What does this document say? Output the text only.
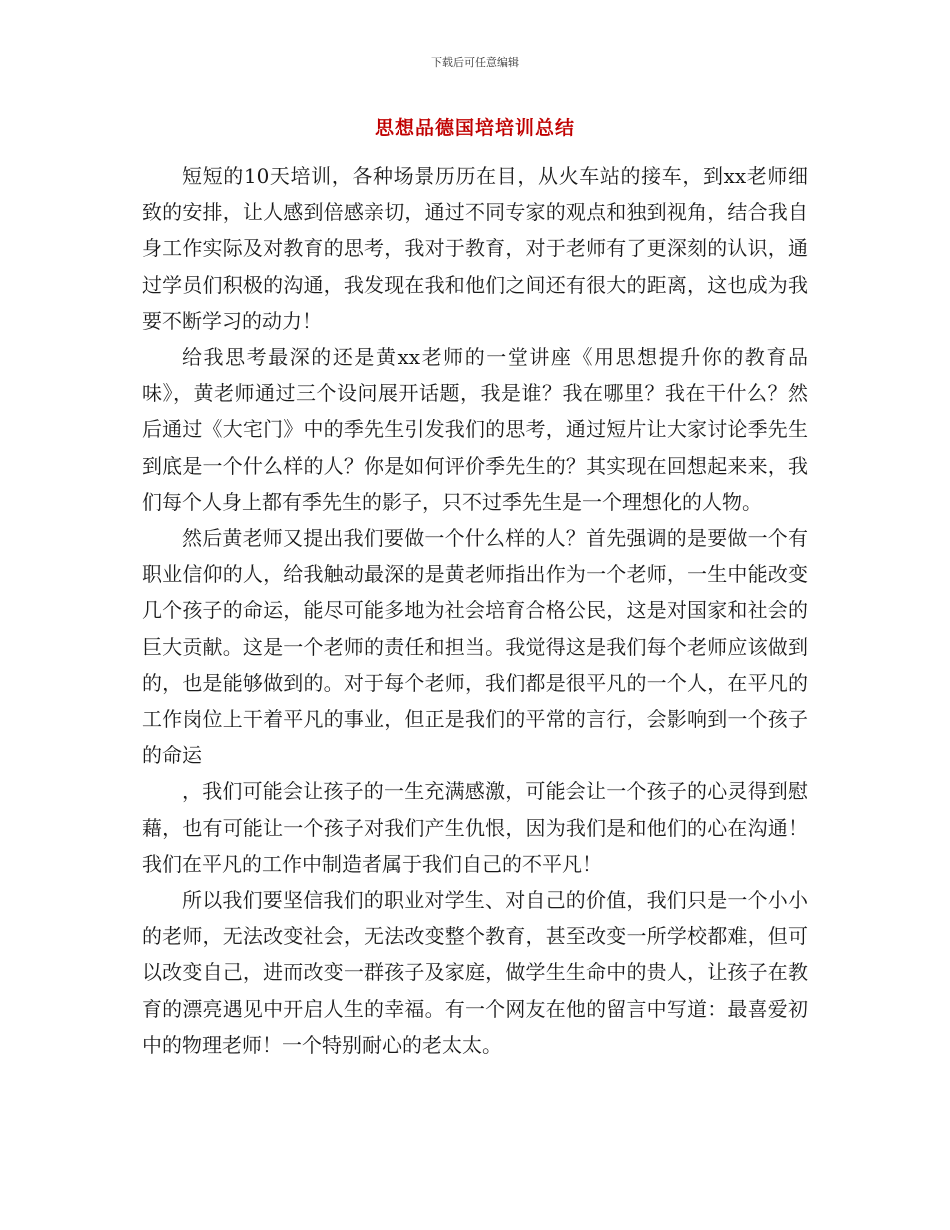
下载后可任意编辑
思想品德国培培训总结

短短的10天培训，各种场景历历在目，从火车站的接车，到xx老师细致的安排，让人感到倍感亲切，通过不同专家的观点和独到视角，结合我自身工作实际及对教育的思考，我对于教育，对于老师有了更深刻的认识，通过学员们积极的沟通，我发现在我和他们之间还有很大的距离，这也成为我要不断学习的动力！

给我思考最深的还是黄xx老师的一堂讲座《用思想提升你的教育品味》，黄老师通过三个设问展开话题，我是谁？我在哪里？我在干什么？然后通过《大宅门》中的季先生引发我们的思考，通过短片让大家讨论季先生到底是一个什么样的人？你是如何评价季先生的？其实现在回想起来来，我们每个人身上都有季先生的影子，只不过季先生是一个理想化的人物。

然后黄老师又提出我们要做一个什么样的人？首先强调的是要做一个有职业信仰的人，给我触动最深的是黄老师指出作为一个老师，一生中能改变几个孩子的命运，能尽可能多地为社会培育合格公民，这是对国家和社会的巨大贡献。这是一个老师的责任和担当。我觉得这是我们每个老师应该做到的，也是能够做到的。对于每个老师，我们都是很平凡的一个人，在平凡的工作岗位上干着平凡的事业，但正是我们的平常的言行，会影响到一个孩子的命运

，我们可能会让孩子的一生充满感激，可能会让一个孩子的心灵得到慰藉，也有可能让一个孩子对我们产生仇恨，因为我们是和他们的心在沟通！我们在平凡的工作中制造者属于我们自己的不平凡！

所以我们要坚信我们的职业对学生、对自己的价值，我们只是一个小小的老师，无法改变社会，无法改变整个教育，甚至改变一所学校都难，但可以改变自己，进而改变一群孩子及家庭，做学生生命中的贵人，让孩子在教育的漂亮遇见中开启人生的幸福。有一个网友在他的留言中写道：最喜爱初中的物理老师！一个特别耐心的老太太。
